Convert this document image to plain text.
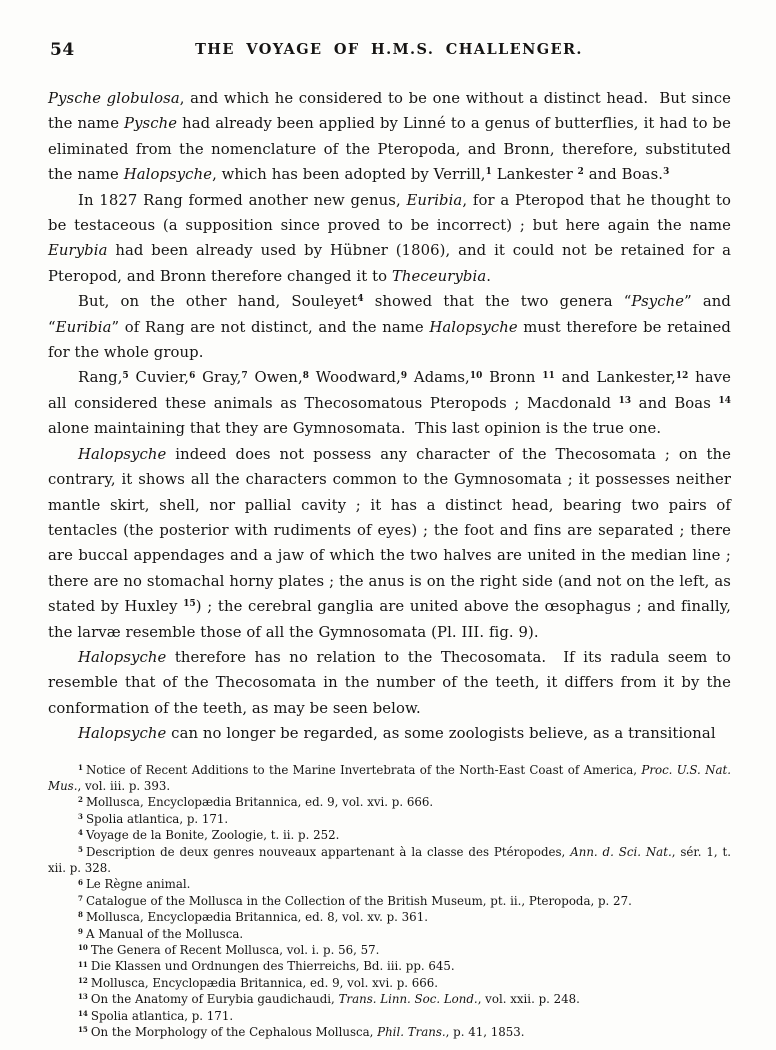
54	THE VOYAGE OF H.M.S. CHALLENGER.
Pysche globulosa, and which he considered to be one without a distinct head.  But since the name Pysche had already been applied by Linné to a genus of butterflies, it had to be eliminated from the nomenclature of the Pteropoda, and Bronn, therefore, substituted the name Halopsyche, which has been adopted by Verrill,$^1$ Lankester $^2$ and Boas.$^3$
In 1827 Rang formed another new genus, Euribia, for a Pteropod that he thought to be testaceous (a supposition since proved to be incorrect) ; but here again the name Eurybia had been already used by Hübner (1806), and it could not be retained for a Pteropod, and Bronn therefore changed it to Theceurybia.
But, on the other hand, Souleyet$^4$ showed that the two genera “Psyche” and “Euribia” of Rang are not distinct, and the name Halopsyche must therefore be retained for the whole group.
Rang,$^5$ Cuvier,$^6$ Gray,$^7$ Owen,$^8$ Woodward,$^9$ Adams,$^{10}$ Bronn $^{11}$ and Lankester,$^{12}$ have all considered these animals as Thecosomatous Pteropods ; Macdonald $^{13}$ and Boas $^{14}$ alone maintaining that they are Gymnosomata.  This last opinion is the true one.
Halopsyche indeed does not possess any character of the Thecosomata ; on the contrary, it shows all the characters common to the Gymnosomata ; it possesses neither mantle skirt, shell, nor pallial cavity ; it has a distinct head, bearing two pairs of tentacles (the posterior with rudiments of eyes) ; the foot and fins are separated ; there are buccal appendages and a jaw of which the two halves are united in the median line ; there are no stomachal horny plates ; the anus is on the right side (and not on the left, as stated by Huxley $^{15}$) ; the cerebral ganglia are united above the œsophagus ; and finally, the larvæ resemble those of all the Gymnosomata (Pl. III. fig. 9).
Halopsyche therefore has no relation to the Thecosomata.  If its radula seem to resemble that of the Thecosomata in the number of the teeth, it differs from it by the conformation of the teeth, as may be seen below.
Halopsyche can no longer be regarded, as some zoologists believe, as a transitional
$^1$ Notice of Recent Additions to the Marine Invertebrata of the North-East Coast of America, Proc. U.S. Nat. Mus., vol. iii. p. 393.
$^2$ Mollusca, Encyclopædia Britannica, ed. 9, vol. xvi. p. 666.
$^3$ Spolia atlantica, p. 171.
$^4$ Voyage de la Bonite, Zoologie, t. ii. p. 252.
$^5$ Description de deux genres nouveaux appartenant à la classe des Ptéropodes, Ann. d. Sci. Nat., sér. 1, t. xii. p. 328.
$^6$ Le Règne animal.
$^7$ Catalogue of the Mollusca in the Collection of the British Museum, pt. ii., Pteropoda, p. 27.
$^8$ Mollusca, Encyclopædia Britannica, ed. 8, vol. xv. p. 361.
$^9$ A Manual of the Mollusca.
$^{10}$ The Genera of Recent Mollusca, vol. i. p. 56, 57.
$^{11}$ Die Klassen und Ordnungen des Thierreichs, Bd. iii. pp. 645.
$^{12}$ Mollusca, Encyclopædia Britannica, ed. 9, vol. xvi. p. 666.
$^{13}$ On the Anatomy of Eurybia gaudichaudi, Trans. Linn. Soc. Lond., vol. xxii. p. 248.
$^{14}$ Spolia atlantica, p. 171.
$^{15}$ On the Morphology of the Cephalous Mollusca, Phil. Trans., p. 41, 1853.
